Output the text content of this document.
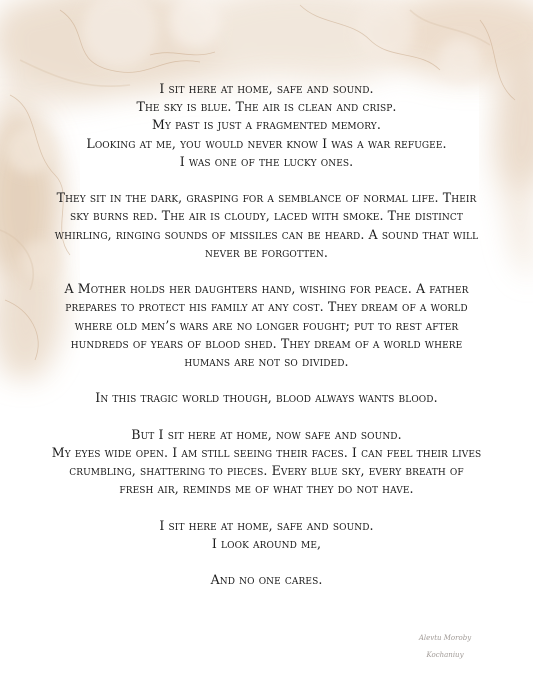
I sit here at home, safe and sound.
The sky is blue. The air is clean and crisp.
My past is just a fragmented memory.
Looking at me, you would never know I was a war refugee.
I was one of the lucky ones.
They sit in the dark, grasping for a semblance of normal life. Their
sky burns red. The air is cloudy, laced with smoke. The distinct
whirling, ringing sounds of missiles can be heard. A sound that will
never be forgotten.
A Mother holds her daughters hand, wishing for peace. A father
prepares to protect his family at any cost. They dream of a world
where old men’s wars are no longer fought; put to rest after
hundreds of years of blood shed. They dream of a world where
humans are not so divided.
In this tragic world though, blood always wants blood.
But I sit here at home, now safe and sound.
My eyes wide open. I am still seeing their faces. I can feel their lives
crumbling, shattering to pieces. Every blue sky, every breath of
fresh air, reminds me of what they do not have.
I sit here at home, safe and sound.
I look around me,
And no one cares.
Alevtu Moroby
Kochaniuy
